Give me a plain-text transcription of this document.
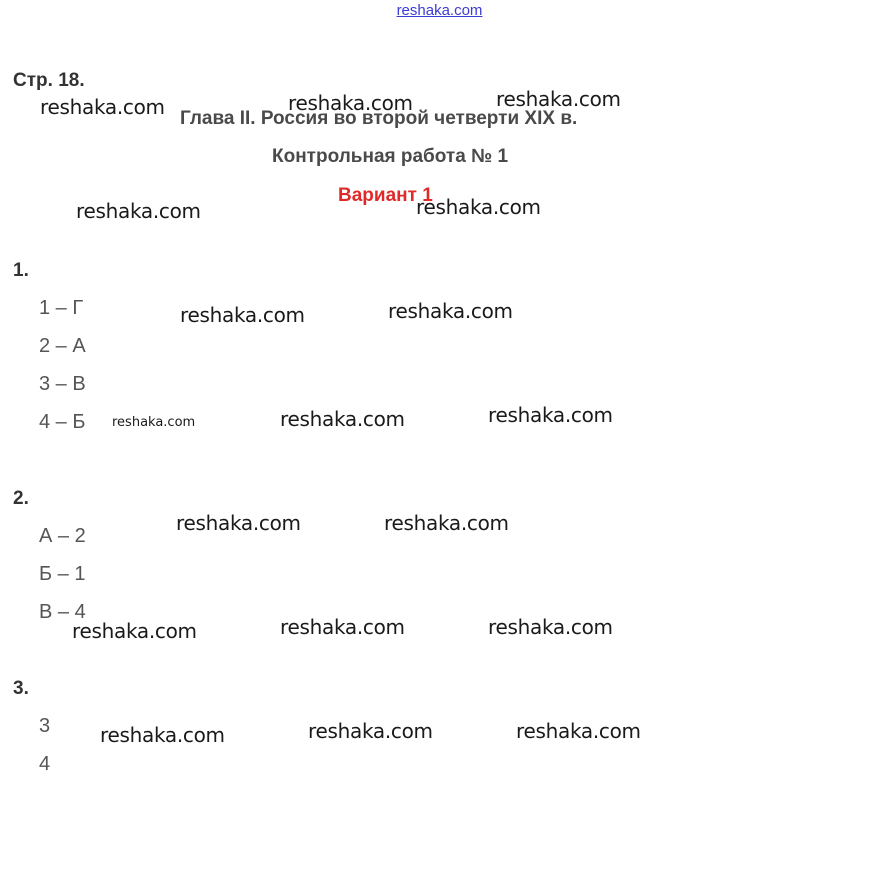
reshaka.com
Стр. 18.
Контрольная работа № 1
Вариант 1
Глава II. Россия во второй четверти XIX в.
1.
1 – Г
2 – А
3 – В
4 – Б
2.
А – 2
Б – 1
В – 4
3.
3
4
reshaka.com	reshaka.com	reshaka.com
reshaka.com	reshaka.com
reshaka.com	reshaka.com
reshaka.com	reshaka.com	reshaka.com
reshaka.com	reshaka.com
reshaka.com	reshaka.com	reshaka.com
reshaka.com	reshaka.com	reshaka.com
